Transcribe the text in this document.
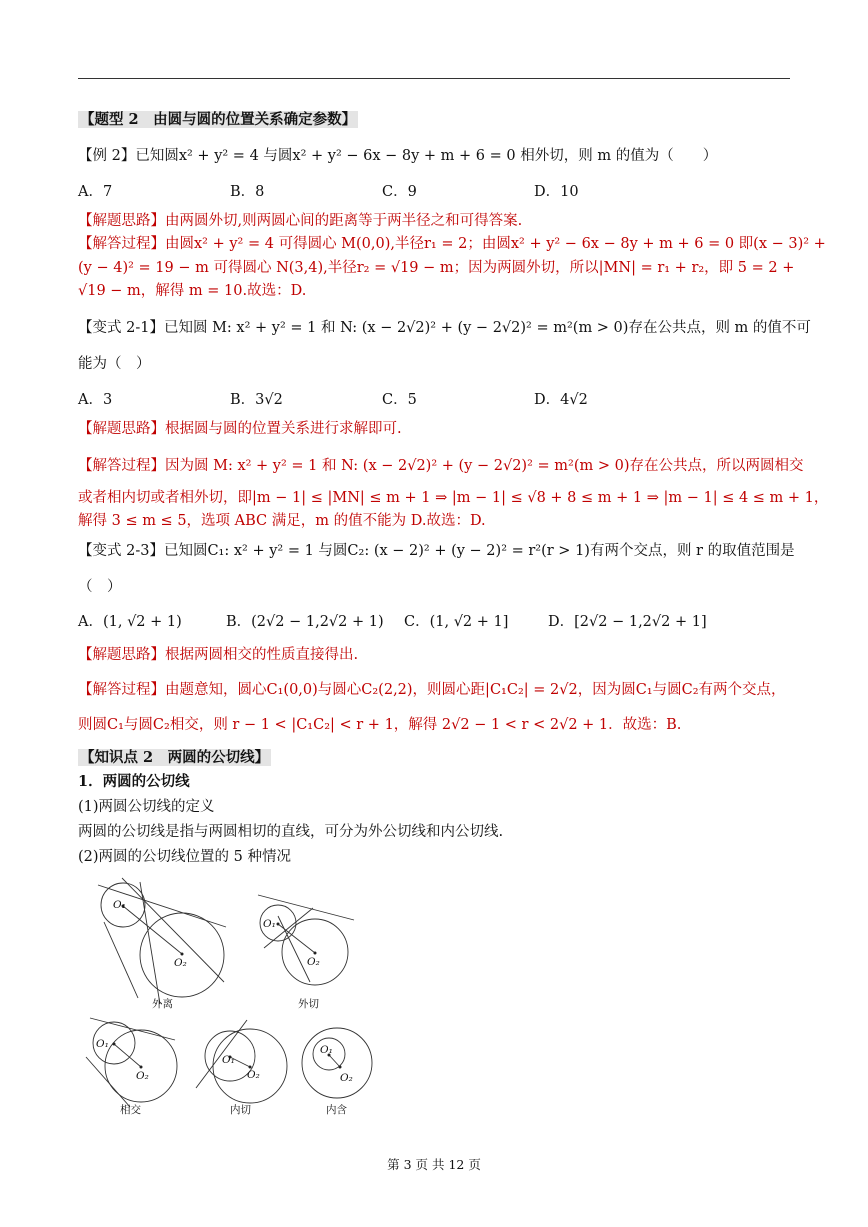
【题型 2　由圆与圆的位置关系确定参数】
【例 2】已知圆x² + y² = 4 与圆x² + y² − 6x − 8y + m + 6 = 0 相外切，则 m 的值为（　　）
A．7	B．8	C．9	D．10
【解题思路】由两圆外切,则两圆心间的距离等于两半径之和可得答案.
【解答过程】由圆x² + y² = 4 可得圆心 M(0,0),半径r₁ = 2；由圆x² + y² − 6x − 8y + m + 6 = 0 即(x − 3)² +
(y − 4)² = 19 − m 可得圆心 N(3,4),半径r₂ = √19 − m；因为两圆外切，所以|MN| = r₁ + r₂，即 5 = 2 +
√19 − m，解得 m = 10.故选：D.
【变式 2-1】已知圆 M: x² + y² = 1 和 N: (x − 2√2)² + (y − 2√2)² = m²(m > 0)存在公共点，则 m 的值不可
能为（　）
A．3	B．3√2	C．5	D．4√2
【解题思路】根据圆与圆的位置关系进行求解即可.
【解答过程】因为圆 M: x² + y² = 1 和 N: (x − 2√2)² + (y − 2√2)² = m²(m > 0)存在公共点，所以两圆相交
或者相内切或者相外切，即|m − 1| ≤ |MN| ≤ m + 1 ⇒ |m − 1| ≤ √8 + 8 ≤ m + 1 ⇒ |m − 1| ≤ 4 ≤ m + 1，
解得 3 ≤ m ≤ 5，选项 ABC 满足，m 的值不能为 D.故选：D.
【变式 2-3】已知圆C₁: x² + y² = 1 与圆C₂: (x − 2)² + (y − 2)² = r²(r > 1)有两个交点，则 r 的取值范围是
（　）
A．(1, √2 + 1)	B．(2√2 − 1,2√2 + 1) C．(1, √2 + 1]	D．[2√2 − 1,2√2 + 1]
【解题思路】根据两圆相交的性质直接得出.
【解答过程】由题意知，圆心C₁(0,0)与圆心C₂(2,2)，则圆心距|C₁C₂| = 2√2，因为圆C₁与圆C₂有两个交点，
则圆C₁与圆C₂相交，则 r − 1 < |C₁C₂| < r + 1，解得 2√2 − 1 < r < 2√2 + 1．故选：B.
【知识点 2　两圆的公切线】
1．两圆的公切线
(1)两圆公切线的定义
两圆的公切线是指与两圆相切的直线，可分为外公切线和内公切线.
(2)两圆的公切线位置的 5 种情况
O₁
O₂
O₁
O₂
O₁
O₂
O₁
O₂
O₁
O₂
外离	外切
相交	内切	内含
第 3 页 共 12 页
